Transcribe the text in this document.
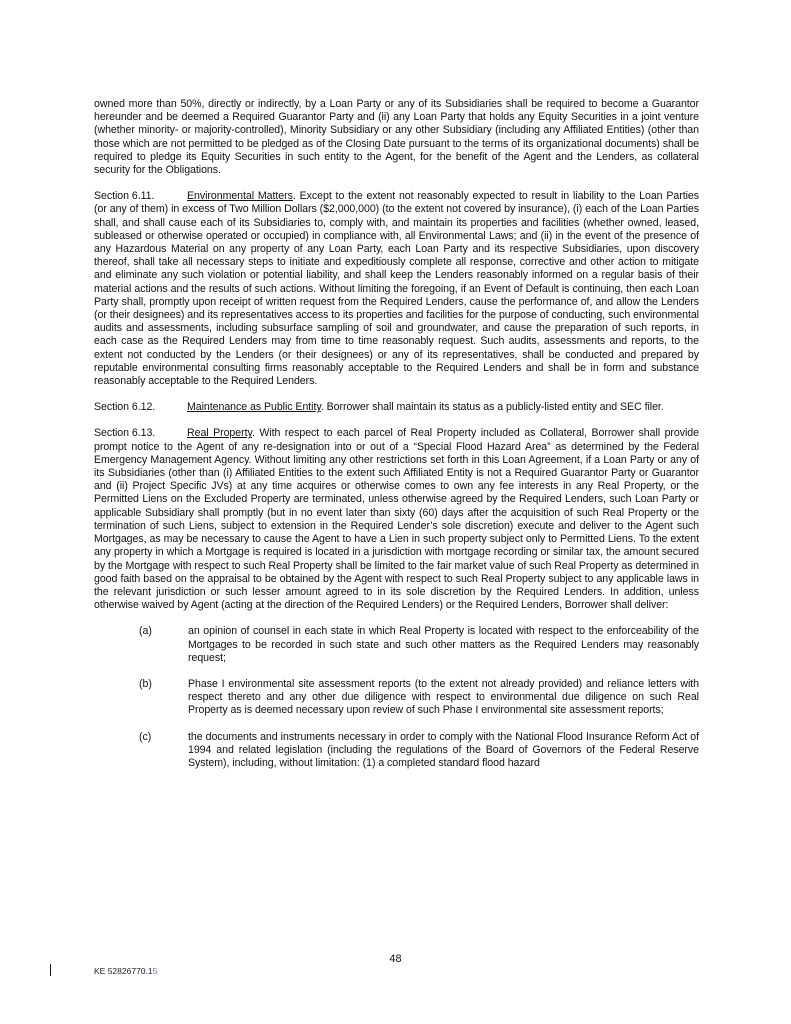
owned more than 50%, directly or indirectly, by a Loan Party or any of its Subsidiaries shall be required to become a Guarantor hereunder and be deemed a Required Guarantor Party and (ii) any Loan Party that holds any Equity Securities in a joint venture (whether minority- or majority-controlled), Minority Subsidiary or any other Subsidiary (including any Affiliated Entities) (other than those which are not permitted to be pledged as of the Closing Date pursuant to the terms of its organizational documents) shall be required to pledge its Equity Securities in such entity to the Agent, for the benefit of the Agent and the Lenders, as collateral security for the Obligations.

Section 6.11.	Environmental Matters. Except to the extent not reasonably expected to result in liability to the Loan Parties (or any of them) in excess of Two Million Dollars ($2,000,000) (to the extent not covered by insurance), (i) each of the Loan Parties shall, and shall cause each of its Subsidiaries to, comply with, and maintain its properties and facilities (whether owned, leased, subleased or otherwise operated or occupied) in compliance with, all Environmental Laws; and (ii) in the event of the presence of any Hazardous Material on any property of any Loan Party, each Loan Party and its respective Subsidiaries, upon discovery thereof, shall take all necessary steps to initiate and expeditiously complete all response, corrective and other action to mitigate and eliminate any such violation or potential liability, and shall keep the Lenders reasonably informed on a regular basis of their material actions and the results of such actions. Without limiting the foregoing, if an Event of Default is continuing, then each Loan Party shall, promptly upon receipt of written request from the Required Lenders, cause the performance of, and allow the Lenders (or their designees) and its representatives access to its properties and facilities for the purpose of conducting, such environmental audits and assessments, including subsurface sampling of soil and groundwater, and cause the preparation of such reports, in each case as the Required Lenders may from time to time reasonably request. Such audits, assessments and reports, to the extent not conducted by the Lenders (or their designees) or any of its representatives, shall be conducted and prepared by reputable environmental consulting firms reasonably acceptable to the Required Lenders and shall be in form and substance reasonably acceptable to the Required Lenders.

Section 6.12.	Maintenance as Public Entity. Borrower shall maintain its status as a publicly-listed entity and SEC filer.

Section 6.13.	Real Property. With respect to each parcel of Real Property included as Collateral, Borrower shall provide prompt notice to the Agent of any re-designation into or out of a “Special Flood Hazard Area” as determined by the Federal Emergency Management Agency. Without limiting any other restrictions set forth in this Loan Agreement, if a Loan Party or any of its Subsidiaries (other than (i) Affiliated Entities to the extent such Affiliated Entity is not a Required Guarantor Party or Guarantor and (ii) Project Specific JVs) at any time acquires or otherwise comes to own any fee interests in any Real Property, or the Permitted Liens on the Excluded Property are terminated, unless otherwise agreed by the Required Lenders, such Loan Party or applicable Subsidiary shall promptly (but in no event later than sixty (60) days after the acquisition of such Real Property or the termination of such Liens, subject to extension in the Required Lender’s sole discretion) execute and deliver to the Agent such Mortgages, as may be necessary to cause the Agent to have a Lien in such property subject only to Permitted Liens. To the extent any property in which a Mortgage is required is located in a jurisdiction with mortgage recording or similar tax, the amount secured by the Mortgage with respect to such Real Property shall be limited to the fair market value of such Real Property as determined in good faith based on the appraisal to be obtained by the Agent with respect to such Real Property subject to any applicable laws in the relevant jurisdiction or such lesser amount agreed to in its sole discretion by the Required Lenders. In addition, unless otherwise waived by Agent (acting at the direction of the Required Lenders) or the Required Lenders, Borrower shall deliver:

(a)	an opinion of counsel in each state in which Real Property is located with respect to the enforceability of the Mortgages to be recorded in such state and such other matters as the Required Lenders may reasonably request;
(b)	Phase I environmental site assessment reports (to the extent not already provided) and reliance letters with respect thereto and any other due diligence with respect to environmental due diligence on such Real Property as is deemed necessary upon review of such Phase I environmental site assessment reports;
(c)	the documents and instruments necessary in order to comply with the National Flood Insurance Reform Act of 1994 and related legislation (including the regulations of the Board of Governors of the Federal Reserve System), including, without limitation: (1) a completed standard flood hazard
48
KE 52826770.15
